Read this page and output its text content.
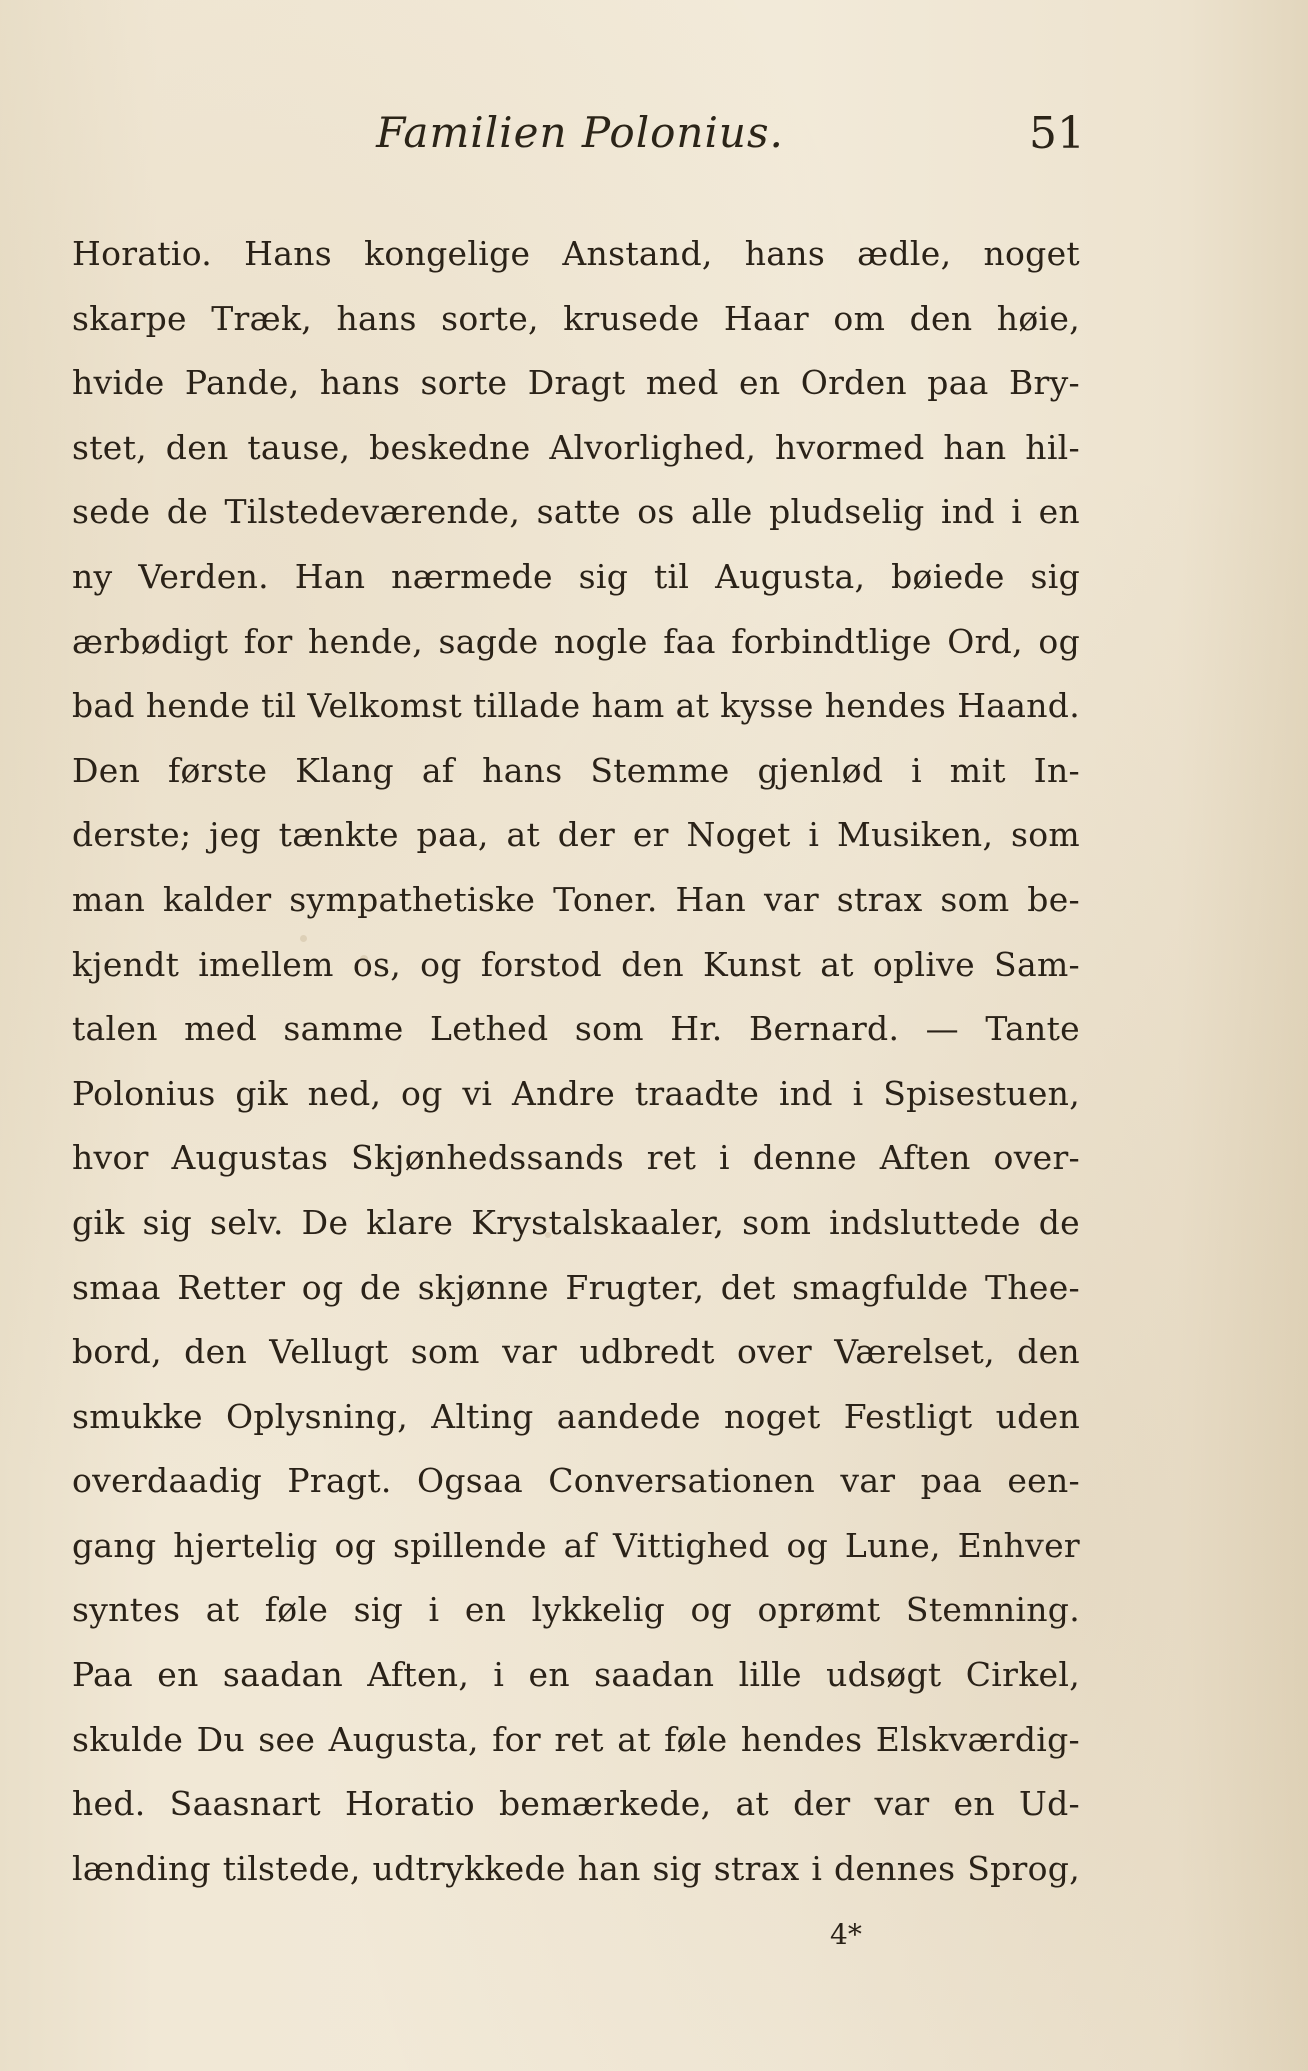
Familien Polonius.	51
Horatio. Hans kongelige Anstand, hans ædle, noget
skarpe Træk, hans sorte, krusede Haar om den høie,
hvide Pande, hans sorte Dragt med en Orden paa Bry-
stet, den tause, beskedne Alvorlighed, hvormed han hil-
sede de Tilstedeværende, satte os alle pludselig ind i en
ny Verden. Han nærmede sig til Augusta, bøiede sig
ærbødigt for hende, sagde nogle faa forbindtlige Ord, og
bad hende til Velkomst tillade ham at kysse hendes Haand.
Den første Klang af hans Stemme gjenlød i mit In-
derste; jeg tænkte paa, at der er Noget i Musiken, som
man kalder sympathetiske Toner. Han var strax som be-
kjendt imellem os, og forstod den Kunst at oplive Sam-
talen med samme Lethed som Hr. Bernard. — Tante
Polonius gik ned, og vi Andre traadte ind i Spisestuen,
hvor Augustas Skjønhedssands ret i denne Aften over-
gik sig selv. De klare Krystalskaaler, som indsluttede de
smaa Retter og de skjønne Frugter, det smagfulde Thee-
bord, den Vellugt som var udbredt over Værelset, den
smukke Oplysning, Alting aandede noget Festligt uden
overdaadig Pragt. Ogsaa Conversationen var paa een-
gang hjertelig og spillende af Vittighed og Lune, Enhver
syntes at føle sig i en lykkelig og oprømt Stemning.
Paa en saadan Aften, i en saadan lille udsøgt Cirkel,
skulde Du see Augusta, for ret at føle hendes Elskværdig-
hed. Saasnart Horatio bemærkede, at der var en Ud-
lænding tilstede, udtrykkede han sig strax i dennes Sprog,
4*
